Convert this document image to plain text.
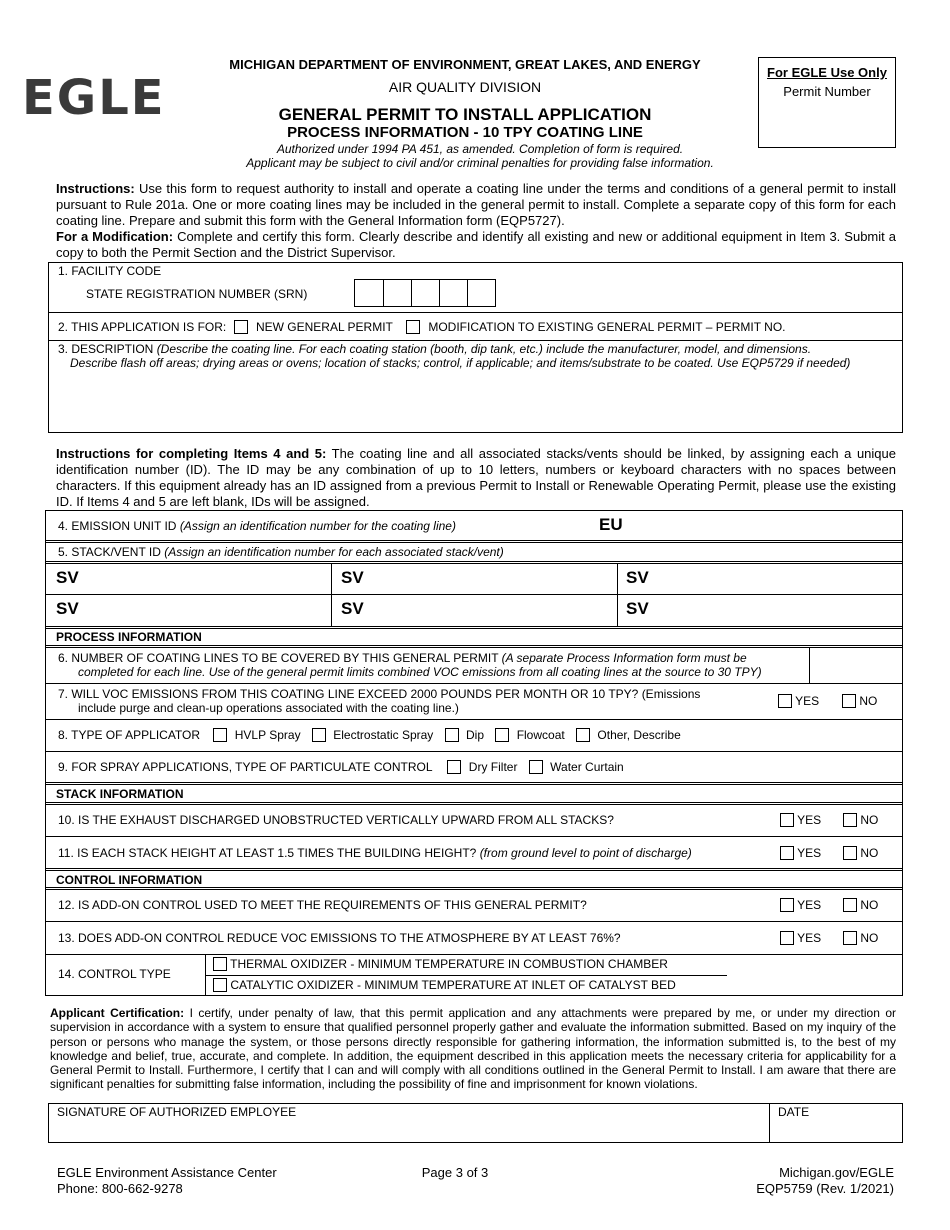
EGLE
MICHIGAN DEPARTMENT OF ENVIRONMENT, GREAT LAKES, AND ENERGY
AIR QUALITY DIVISION
GENERAL PERMIT TO INSTALL APPLICATION
PROCESS INFORMATION - 10 TPY COATING LINE
Authorized under 1994 PA 451, as amended. Completion of form is required.
Applicant may be subject to civil and/or criminal penalties for providing false information.
For EGLE Use Only
Permit Number
Instructions: Use this form to request authority to install and operate a coating line under the terms and conditions of a general permit to install pursuant to Rule 201a. One or more coating lines may be included in the general permit to install. Complete a separate copy of this form for each coating line. Prepare and submit this form with the General Information form (EQP5727).
For a Modification: Complete and certify this form. Clearly describe and identify all existing and new or additional equipment in Item 3. Submit a copy to both the Permit Section and the District Supervisor.
1. FACILITY CODE
STATE REGISTRATION NUMBER (SRN)
2. THIS APPLICATION IS FOR: NEW GENERAL PERMIT	MODIFICATION TO EXISTING GENERAL PERMIT – PERMIT NO.
3. DESCRIPTION (Describe the coating line. For each coating station (booth, dip tank, etc.) include the manufacturer, model, and dimensions.
Describe flash off areas; drying areas or ovens; location of stacks; control, if applicable; and items/substrate to be coated. Use EQP5729 if needed)
Instructions for completing Items 4 and 5: The coating line and all associated stacks/vents should be linked, by assigning each a unique identification number (ID). The ID may be any combination of up to 10 letters, numbers or keyboard characters with no spaces between characters. If this equipment already has an ID assigned from a previous Permit to Install or Renewable Operating Permit, please use the existing ID. If Items 4 and 5 are left blank, IDs will be assigned.
4. EMISSION UNIT ID (Assign an identification number for the coating line)	EU
5. STACK/VENT ID (Assign an identification number for each associated stack/vent)
SV	SV	SV
SV	SV	SV
PROCESS INFORMATION
6. NUMBER OF COATING LINES TO BE COVERED BY THIS GENERAL PERMIT (A separate Process Information form must be
completed for each line. Use of the general permit limits combined VOC emissions from all coating lines at the source to 30 TPY)
7. WILL VOC EMISSIONS FROM THIS COATING LINE EXCEED 2000 POUNDS PER MONTH OR 10 TPY? (Emissions
include purge and clean-up operations associated with the coating line.)	YES	NO
8. TYPE OF APPLICATOR	HVLP Spray	Electrostatic Spray	Dip	Flowcoat	Other, Describe
9. FOR SPRAY APPLICATIONS, TYPE OF PARTICULATE CONTROL	Dry Filter	Water Curtain
STACK INFORMATION
10. IS THE EXHAUST DISCHARGED UNOBSTRUCTED VERTICALLY UPWARD FROM ALL STACKS?	YES	NO
11. IS EACH STACK HEIGHT AT LEAST 1.5 TIMES THE BUILDING HEIGHT? (from ground level to point of discharge)	YES	NO
CONTROL INFORMATION
12. IS ADD-ON CONTROL USED TO MEET THE REQUIREMENTS OF THIS GENERAL PERMIT?	YES	NO
13. DOES ADD-ON CONTROL REDUCE VOC EMISSIONS TO THE ATMOSPHERE BY AT LEAST 76%?	YES	NO
14. CONTROL TYPE
THERMAL OXIDIZER - MINIMUM TEMPERATURE IN COMBUSTION CHAMBER
CATALYTIC OXIDIZER - MINIMUM TEMPERATURE AT INLET OF CATALYST BED
Applicant Certification: I certify, under penalty of law, that this permit application and any attachments were prepared by me, or under my direction or supervision in accordance with a system to ensure that qualified personnel properly gather and evaluate the information submitted. Based on my inquiry of the person or persons who manage the system, or those persons directly responsible for gathering information, the information submitted is, to the best of my knowledge and belief, true, accurate, and complete. In addition, the equipment described in this application meets the necessary criteria for applicability for a General Permit to Install. Furthermore, I certify that I can and will comply with all conditions outlined in the General Permit to Install. I am aware that there are significant penalties for submitting false information, including the possibility of fine and imprisonment for known violations.
SIGNATURE OF AUTHORIZED EMPLOYEE	DATE
EGLE Environment Assistance Center
Phone: 800-662-9278
Page 3 of 3	Michigan.gov/EGLE
EQP5759 (Rev. 1/2021)
